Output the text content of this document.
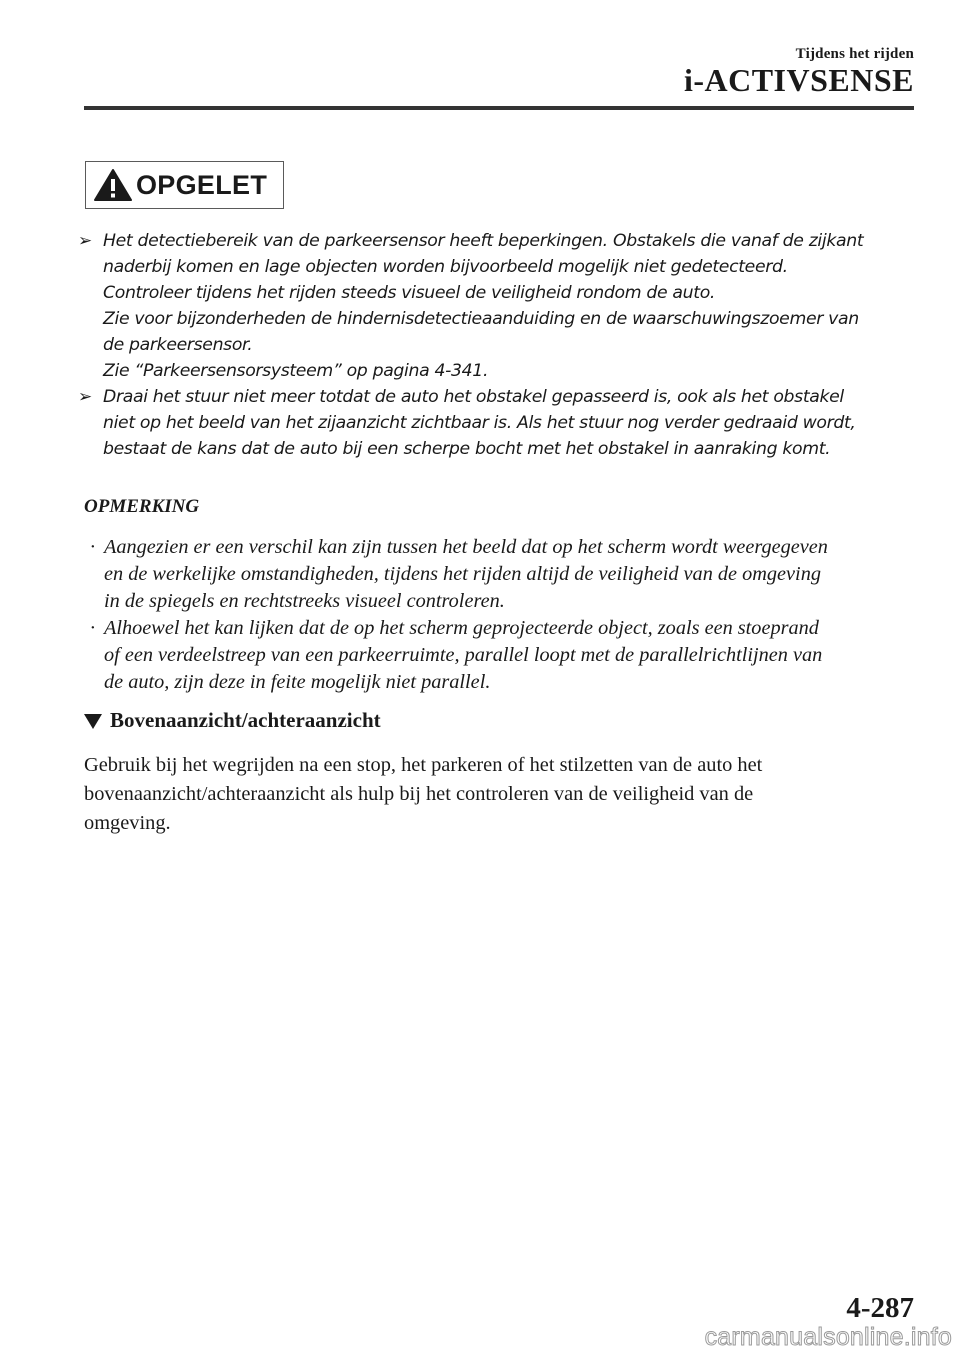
Tijdens het rijden
i-ACTIVSENSE
OPGELET
➢ Het detectiebereik van de parkeersensor heeft beperkingen. Obstakels die vanaf de zijkant

naderbij komen en lage objecten worden bijvoorbeeld mogelijk niet gedetecteerd.

Controleer tijdens het rijden steeds visueel de veiligheid rondom de auto.

Zie voor bijzonderheden de hindernisdetectieaanduiding en de waarschuwingszoemer van

de parkeersensor.

Zie “Parkeersensorsysteem” op pagina 4-341.

➢ Draai het stuur niet meer totdat de auto het obstakel gepasseerd is, ook als het obstakel

niet op het beeld van het zijaanzicht zichtbaar is. Als het stuur nog verder gedraaid wordt,

bestaat de kans dat de auto bij een scherpe bocht met het obstakel in aanraking komt.

OPMERKING
· Aangezien er een verschil kan zijn tussen het beeld dat op het scherm wordt weergegeven
en de werkelijke omstandigheden, tijdens het rijden altijd de veiligheid van de omgeving
in de spiegels en rechtstreeks visueel controleren.
· Alhoewel het kan lijken dat de op het scherm geprojecteerde object, zoals een stoeprand
of een verdeelstreep van een parkeerruimte, parallel loopt met de parallelrichtlijnen van
de auto, zijn deze in feite mogelijk niet parallel.
Bovenaanzicht/achteraanzicht
Gebruik bij het wegrijden na een stop, het parkeren of het stilzetten van de auto het
bovenaanzicht/achteraanzicht als hulp bij het controleren van de veiligheid van de
omgeving.
4-287
carmanualsonline.info
